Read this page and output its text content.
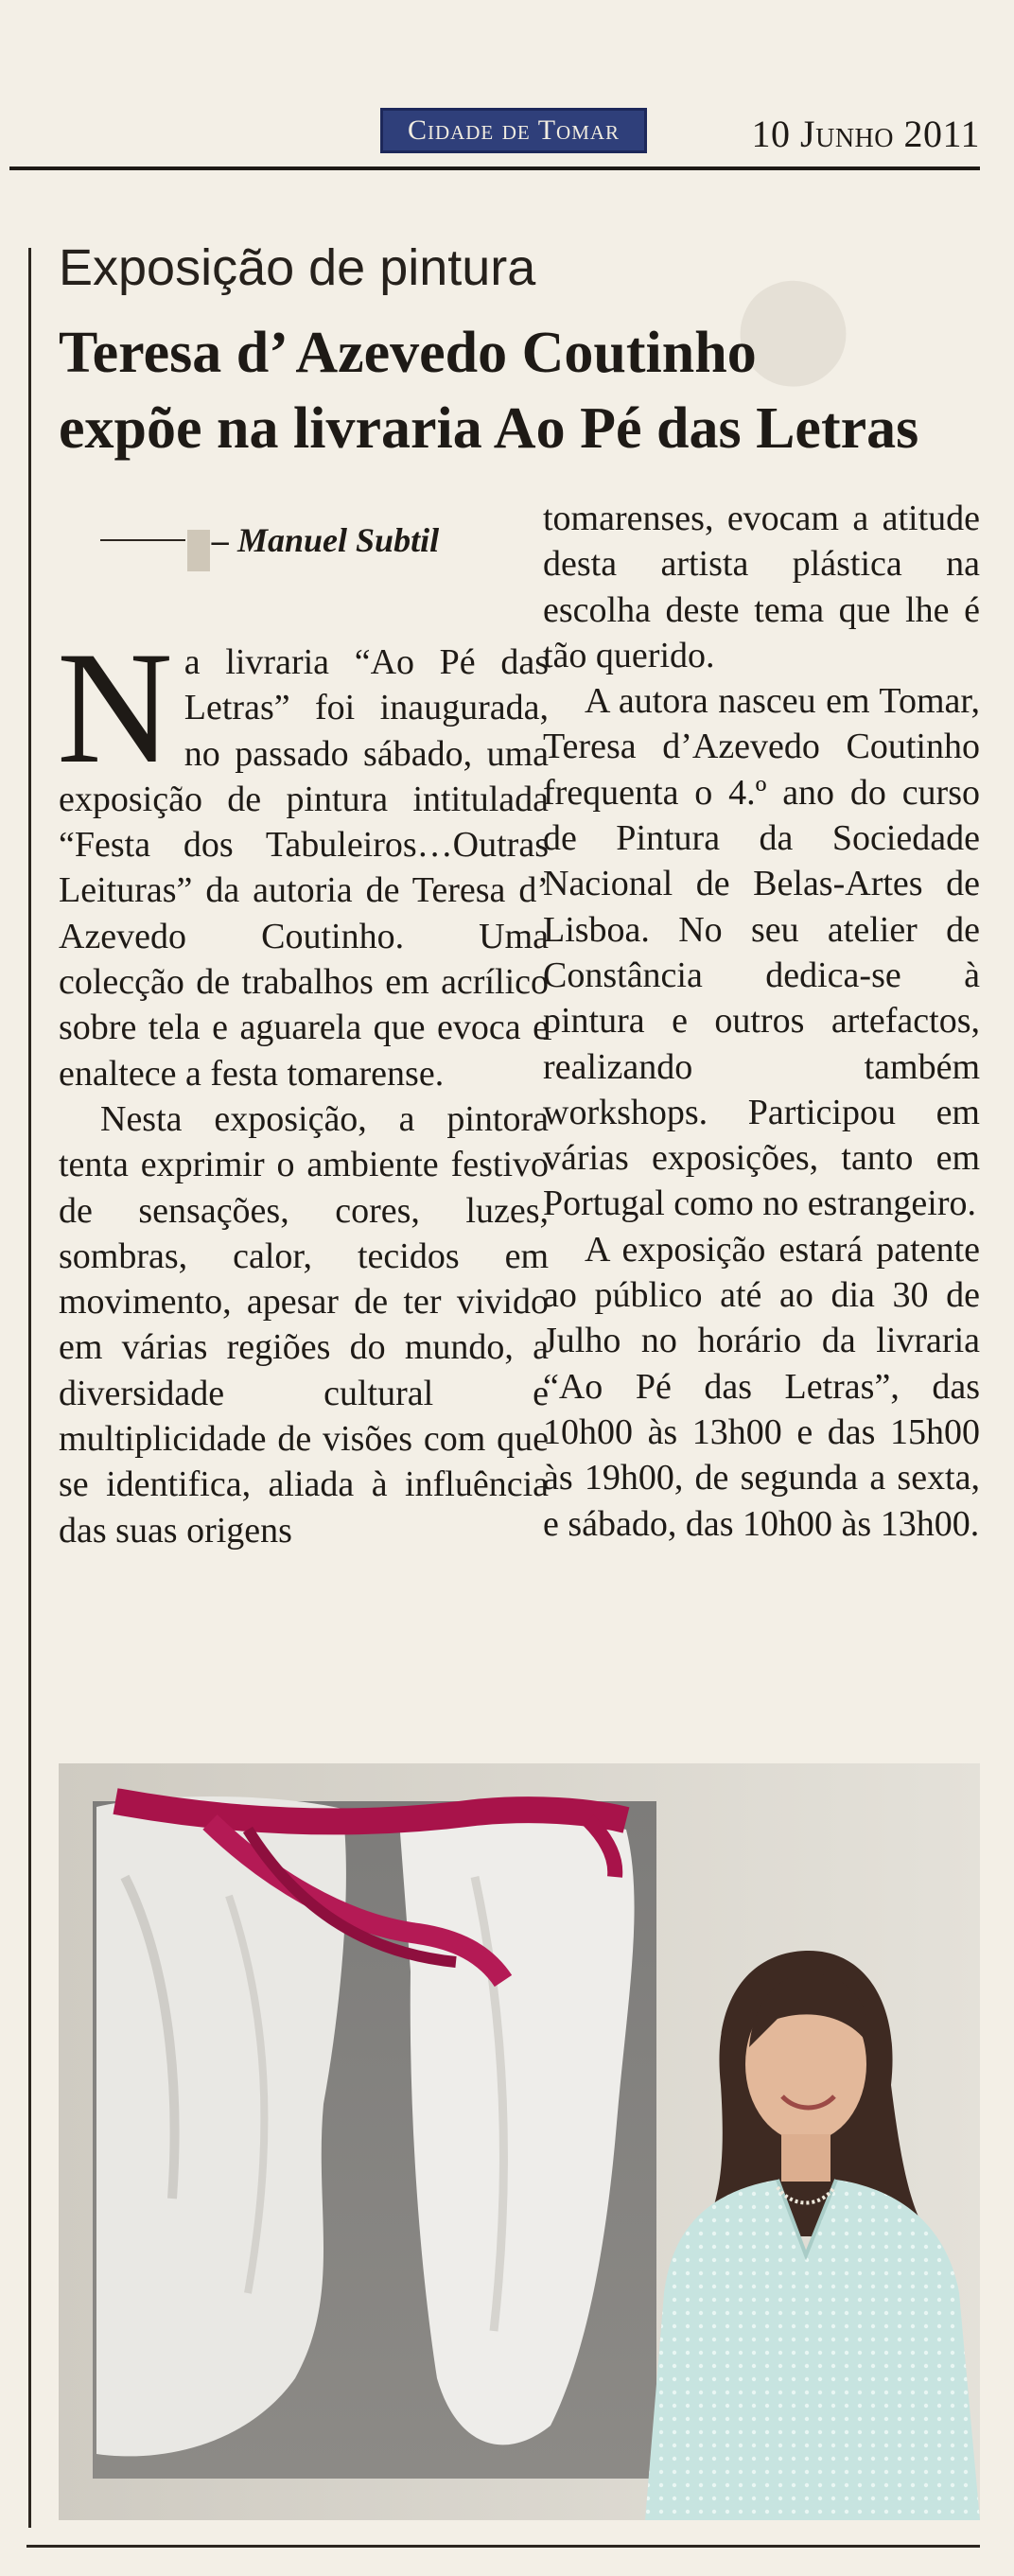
●
Cidade de Tomar	10 Junho 2011
Exposição de pintura
Teresa d’ Azevedo Coutinho
expõe na livraria Ao Pé das Letras
– Manuel Subtil

Na livraria “Ao Pé das Letras” foi inaugurada, no passado sábado, uma exposição de pintura intitulada “Festa dos Tabuleiros…Outras Leituras” da autoria de Teresa d’ Azevedo Coutinho. Uma colecção de trabalhos em acrílico sobre tela e aguarela que evoca e enaltece a festa tomarense.

Nesta exposição, a pintora tenta exprimir o ambiente festivo de sensações, cores, luzes, sombras, calor, tecidos em movimento, apesar de ter vivido em várias regiões do mundo, a diversidade cultural e multiplicidade de visões com que se identifica, aliada à influência das suas origens

tomarenses, evocam a atitude desta artista plástica na escolha deste tema que lhe é tão querido.

A autora nasceu em Tomar, Teresa d’Azevedo Coutinho frequenta o 4.º ano do curso de Pintura da Sociedade Nacional de Belas-Artes de Lisboa. No seu atelier de Constância dedica-se à pintura e outros artefactos, realizando também workshops. Participou em várias exposições, tanto em Portugal como no estrangeiro.

A exposição estará patente ao público até ao dia 30 de Julho no horário da livraria “Ao Pé das Letras”, das 10h00 às 13h00 e das 15h00 às 19h00, de segunda a sexta, e sábado, das 10h00 às 13h00.
